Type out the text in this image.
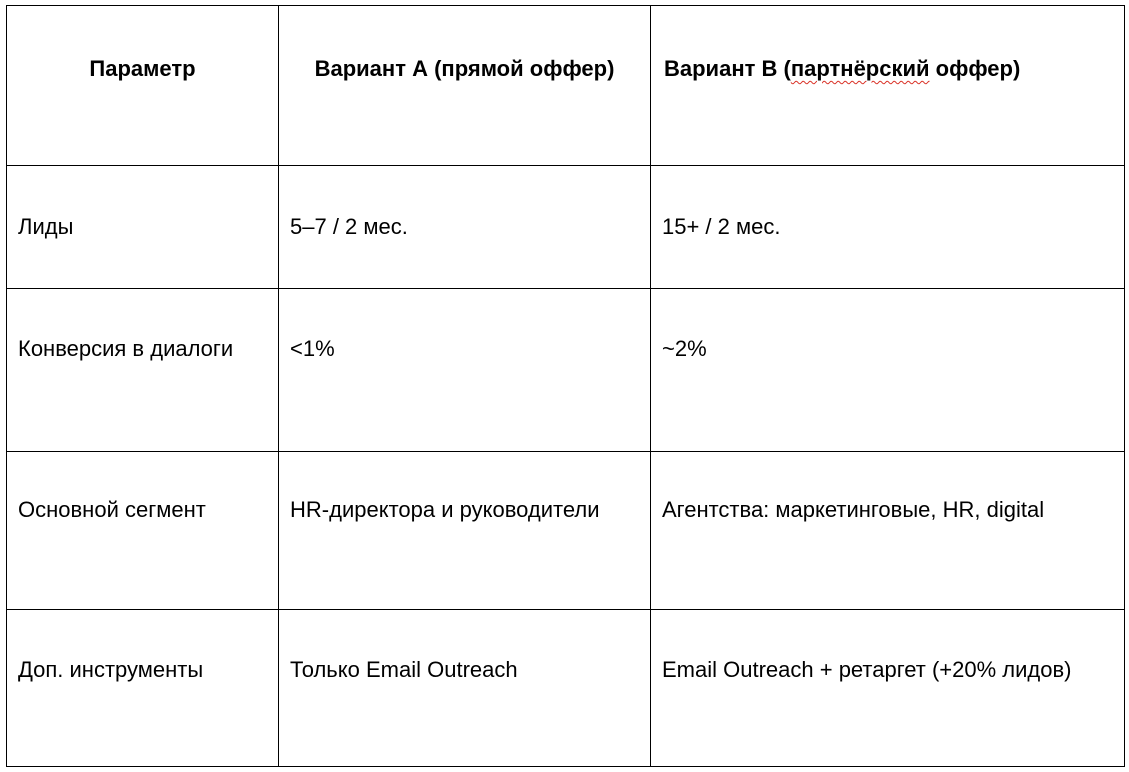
Параметр	Вариант А (прямой оффер)	Вариант В (партнёрский оффер)
Лиды	5–7 / 2 мес.	15+ / 2 мес.
Конверсия в диалоги	<1%	~2%
Основной сегмент	HR-директора и руководители	Агентства: маркетинговые, HR, digital
Доп. инструменты	Только Email Outreach	Email Outreach + ретаргет (+20% лидов)
